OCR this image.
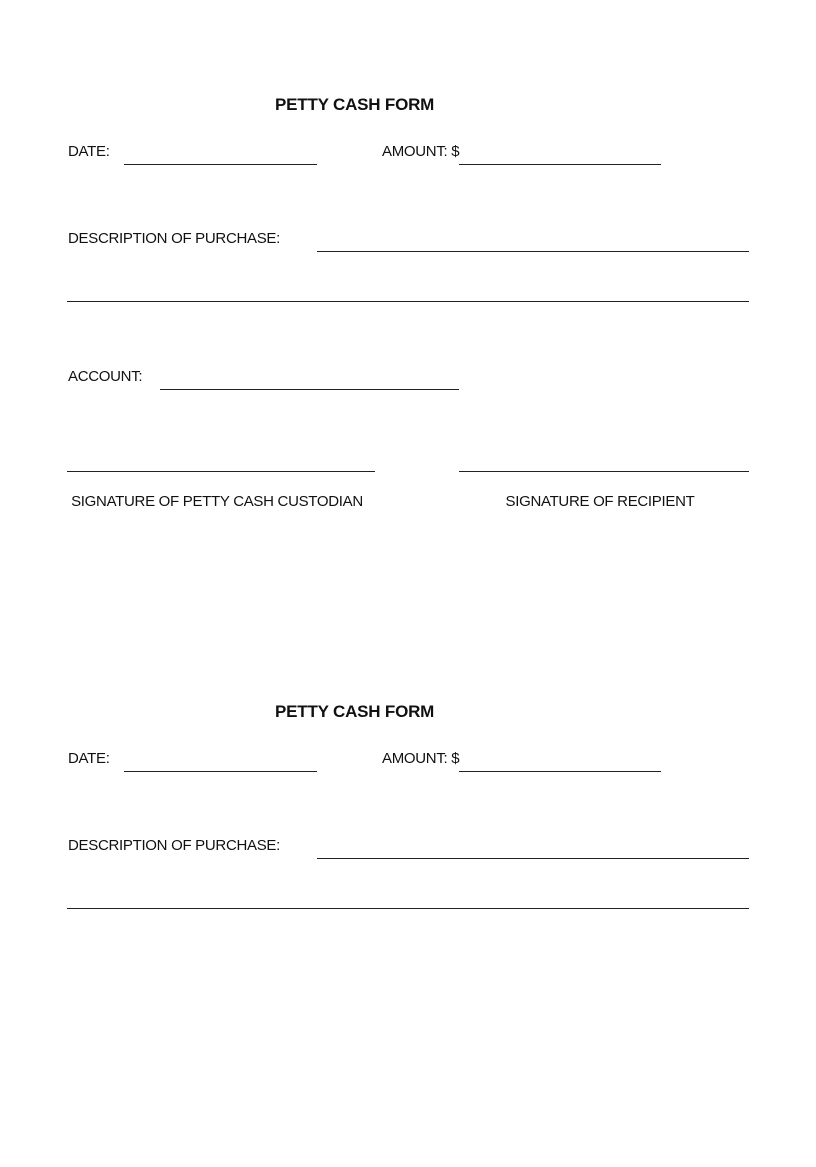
PETTY CASH FORM
DATE:	AMOUNT: $
DESCRIPTION OF PURCHASE:
ACCOUNT:
SIGNATURE OF PETTY CASH CUSTODIAN	SIGNATURE OF RECIPIENT
PETTY CASH FORM
DATE:	AMOUNT: $
DESCRIPTION OF PURCHASE:
